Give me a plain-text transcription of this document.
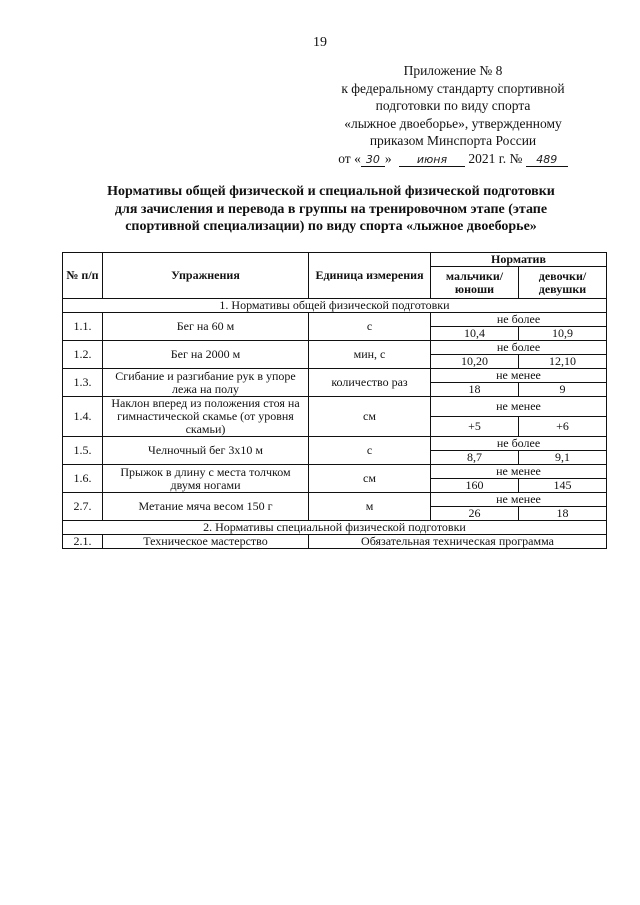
19
Приложение № 8
к федеральному стандарту спортивной
подготовки по виду спорта
«лыжное двоеборье», утвержденному
приказом Минспорта России
от « 30 » июня 2021 г. № 489
Нормативы общей физической и специальной физической подготовки
для зачисления и перевода в группы на тренировочном этапе (этапе
спортивной специализации) по виду спорта «лыжное двоеборье»
№ п/п	Упражнения	Единица измерения	Норматив	
			мальчики/ юноши	девочки/ девушки
1. Нормативы общей физической подготовки				
1.1.	Бег на 60 м	с	не более	
			10,4	10,9
1.2.	Бег на 2000 м	мин, с	не более	
			10,20	12,10
1.3.	Сгибание и разгибание рук в упоре лежа на полу	количество раз	не менее	
			18	9
1.4.	Наклон вперед из положения стоя на гимнастической скамье (от уровня скамьи)	см	не менее	
			+5	+6
1.5.	Челночный бег 3х10 м	с	не более	
			8,7	9,1
1.6.	Прыжок в длину с места толчком двумя ногами	см	не менее	
			160	145
2.7.	Метание мяча весом 150 г	м	не менее	
			26	18
2. Нормативы специальной физической подготовки				
2.1.	Техническое мастерство	Обязательная техническая программа		
